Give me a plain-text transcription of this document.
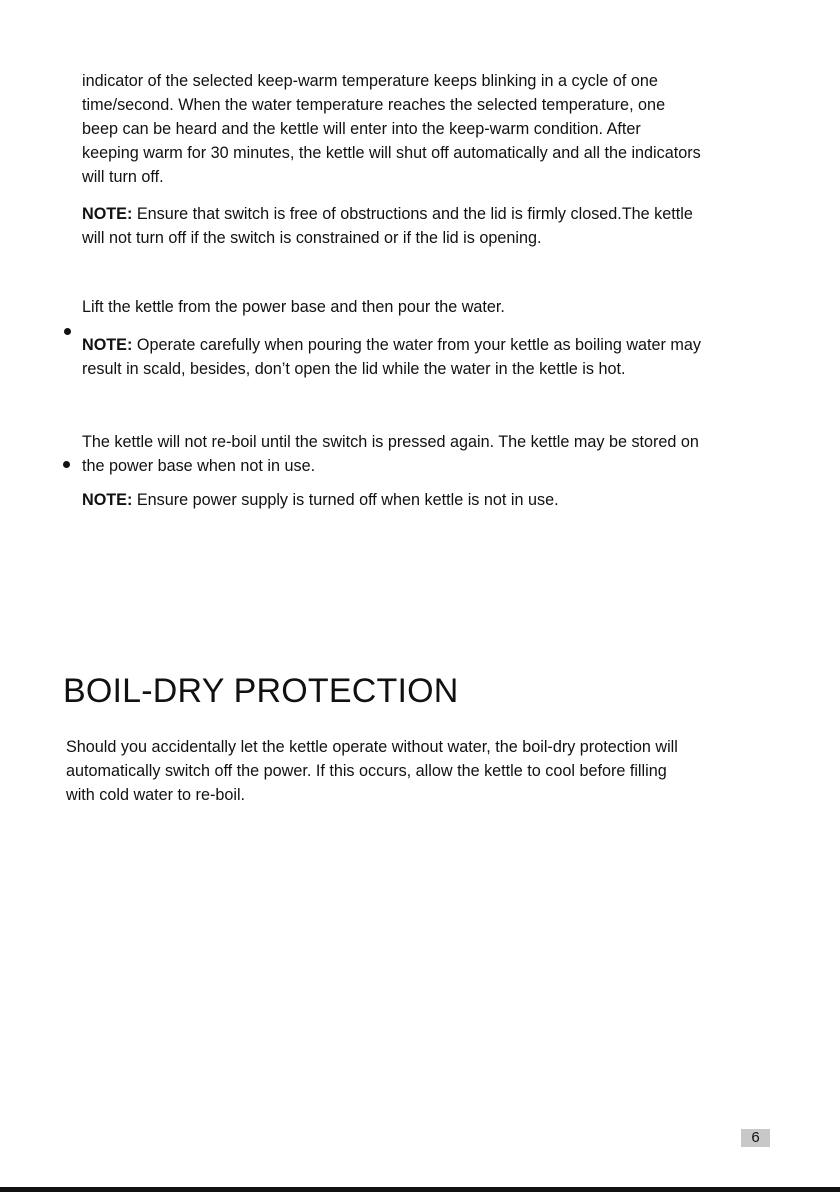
indicator of the selected keep-warm temperature keeps blinking in a cycle of one
time/second. When the water temperature reaches the selected temperature, one
beep can be heard and the kettle will enter into the keep-warm condition. After
keeping warm for 30 minutes, the kettle will shut off automatically and all the indicators
will turn off.

NOTE: Ensure that switch is free of obstructions and the lid is firmly closed.The kettle
will not turn off if the switch is constrained or if the lid is opening.

Lift the kettle from the power base and then pour the water.

NOTE: Operate carefully when pouring the water from your kettle as boiling water may
result in scald, besides, don’t open the lid while the water in the kettle is hot.

The kettle will not re-boil until the switch is pressed again. The kettle may be stored on
the power base when not in use.

NOTE: Ensure power supply is turned off when kettle is not in use.

BOIL-DRY PROTECTION

Should you accidentally let the kettle operate without water, the boil-dry protection will
automatically switch off the power. If this occurs, allow the kettle to cool before filling
with cold water to re-boil.

6
